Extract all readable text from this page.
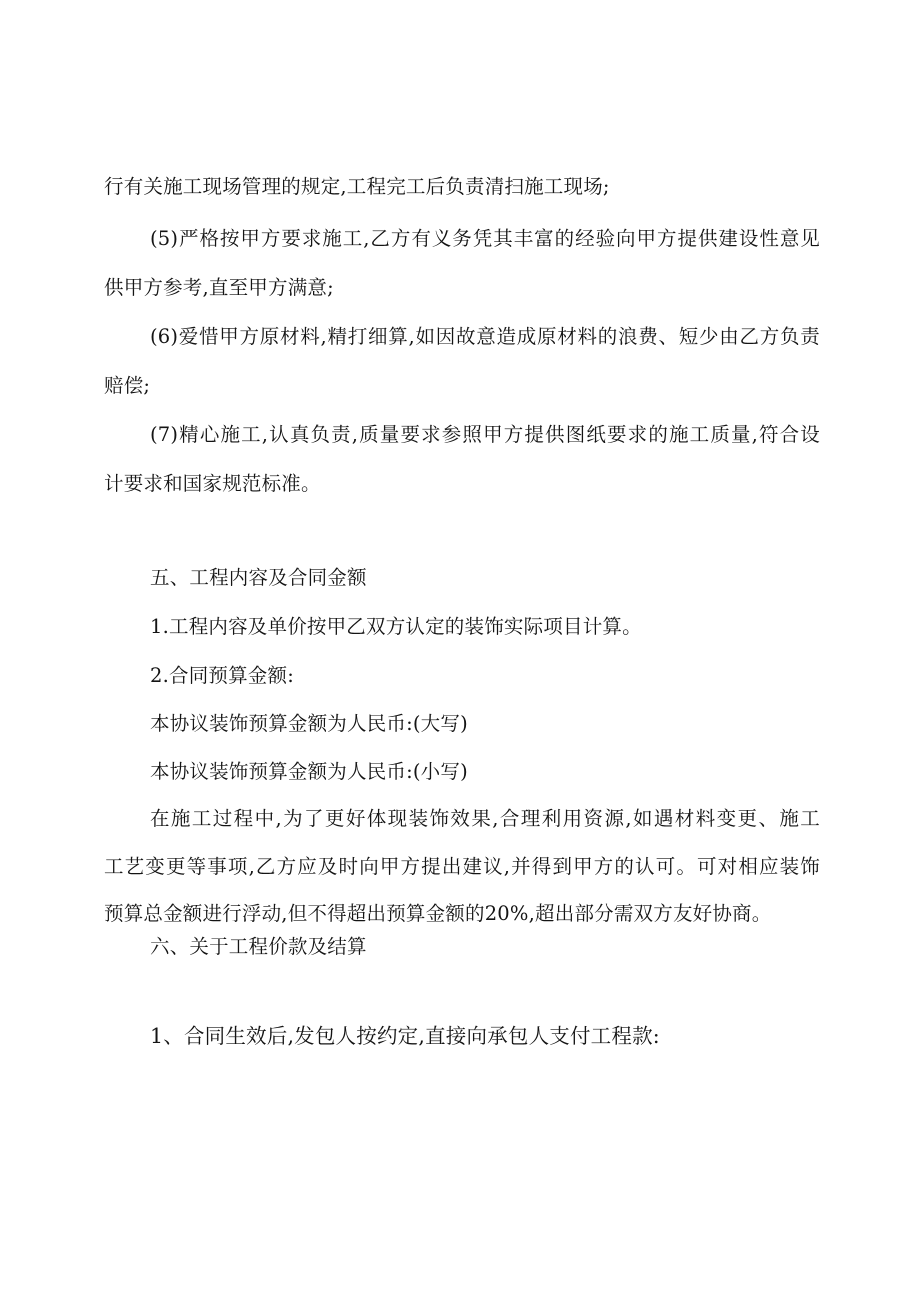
行有关施工现场管理的规定,工程完工后负责清扫施工现场;
(5)严格按甲方要求施工,乙方有义务凭其丰富的经验向甲方提供建设性意见
供甲方参考,直至甲方满意;
(6)爱惜甲方原材料,精打细算,如因故意造成原材料的浪费、短少由乙方负责
赔偿;
(7)精心施工,认真负责,质量要求参照甲方提供图纸要求的施工质量,符合设
计要求和国家规范标准。
五、工程内容及合同金额
1.工程内容及单价按甲乙双方认定的装饰实际项目计算。
2.合同预算金额:
本协议装饰预算金额为人民币:(大写)
本协议装饰预算金额为人民币:(小写)
在施工过程中,为了更好体现装饰效果,合理利用资源,如遇材料变更、施工
工艺变更等事项,乙方应及时向甲方提出建议,并得到甲方的认可。可对相应装饰
预算总金额进行浮动,但不得超出预算金额的20%,超出部分需双方友好协商。
六、关于工程价款及结算
1、合同生效后,发包人按约定,直接向承包人支付工程款:
